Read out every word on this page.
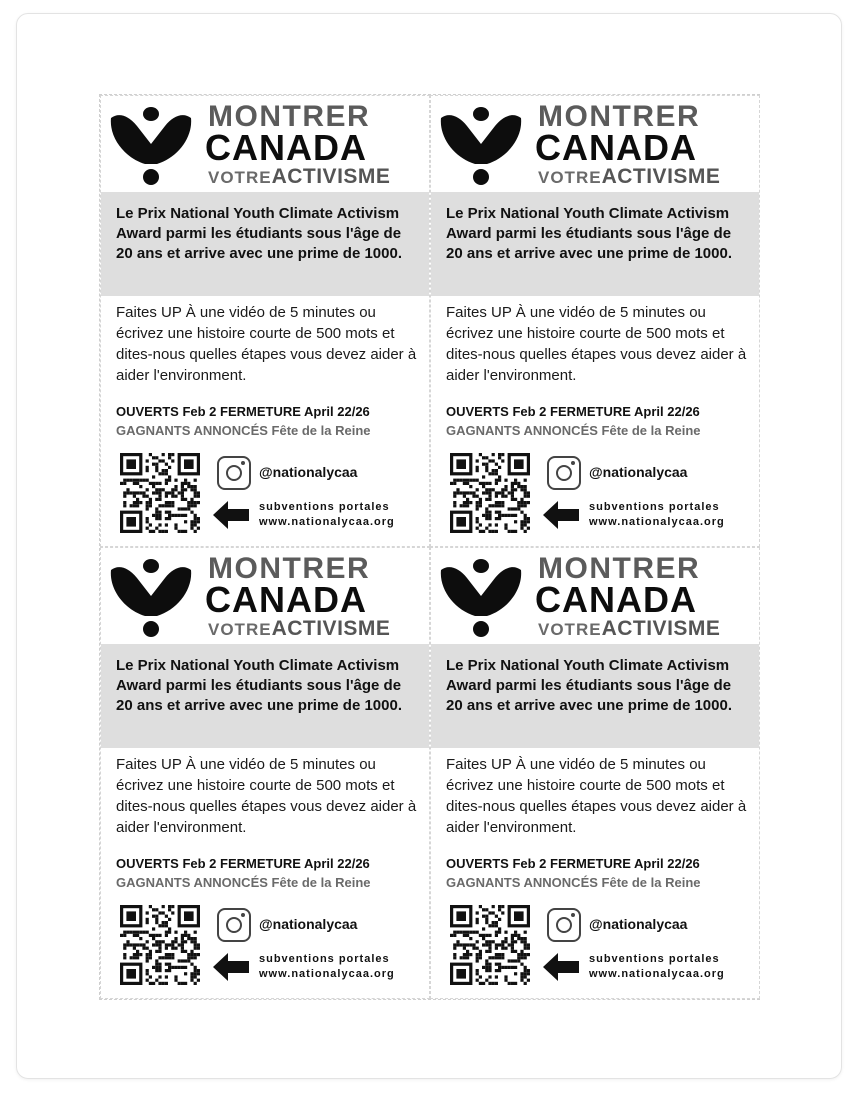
MONTRER
CANADA
VOTREACTIVISME
Le Prix National Youth Climate Activism Award parmi les étudiants sous l'âge de 20 ans et arrive avec une prime de 1000.
Faites UP À une vidéo de 5 minutes ou écrivez une histoire courte de 500 mots et dites-nous quelles étapes vous devez aider à aider l'environment.
OUVERTS Feb 2 FERMETURE April 22/26
GAGNANTS ANNONCÉS Fête de la Reine
@nationalycaa
subventions portales
www.nationalycaa.org
MONTRER
CANADA
VOTREACTIVISME
Le Prix National Youth Climate Activism Award parmi les étudiants sous l'âge de 20 ans et arrive avec une prime de 1000.
Faites UP À une vidéo de 5 minutes ou écrivez une histoire courte de 500 mots et dites-nous quelles étapes vous devez aider à aider l'environment.
OUVERTS Feb 2 FERMETURE April 22/26
GAGNANTS ANNONCÉS Fête de la Reine
@nationalycaa
subventions portales
www.nationalycaa.org
MONTRER
CANADA
VOTREACTIVISME
Le Prix National Youth Climate Activism Award parmi les étudiants sous l'âge de 20 ans et arrive avec une prime de 1000.
Faites UP À une vidéo de 5 minutes ou écrivez une histoire courte de 500 mots et dites-nous quelles étapes vous devez aider à aider l'environment.
OUVERTS Feb 2 FERMETURE April 22/26
GAGNANTS ANNONCÉS Fête de la Reine
@nationalycaa
subventions portales
www.nationalycaa.org
MONTRER
CANADA
VOTREACTIVISME
Le Prix National Youth Climate Activism Award parmi les étudiants sous l'âge de 20 ans et arrive avec une prime de 1000.
Faites UP À une vidéo de 5 minutes ou écrivez une histoire courte de 500 mots et dites-nous quelles étapes vous devez aider à aider l'environment.
OUVERTS Feb 2 FERMETURE April 22/26
GAGNANTS ANNONCÉS Fête de la Reine
@nationalycaa
subventions portales
www.nationalycaa.org
